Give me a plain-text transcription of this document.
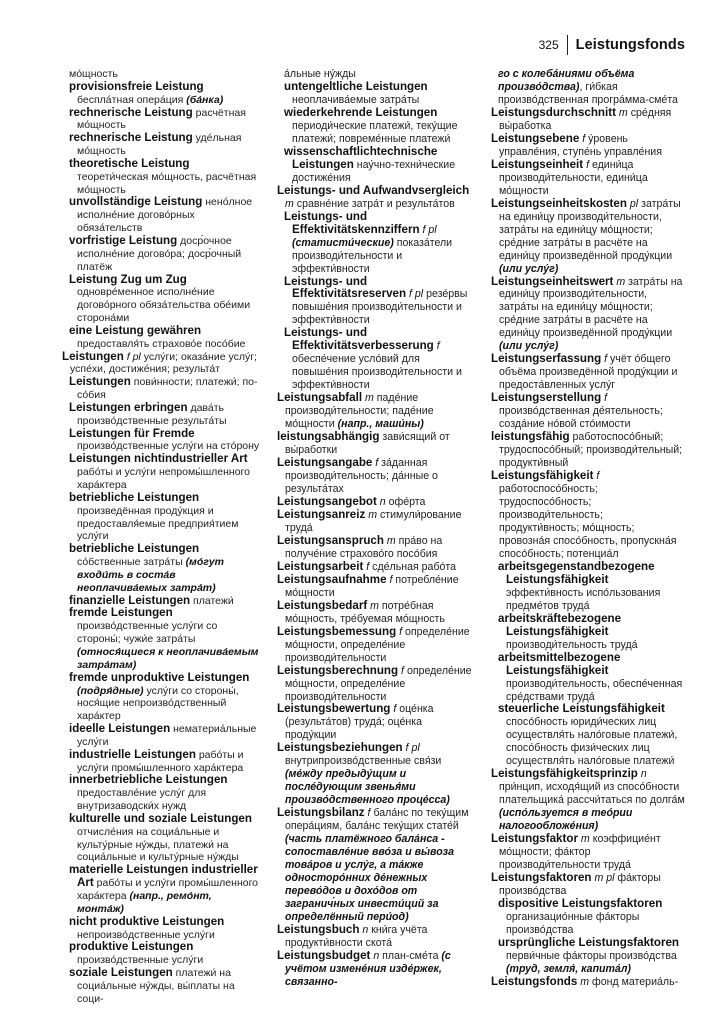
325 Leistungsfonds

мо́щность

provisionsfreie Leistung беспла́тная опера́ция (ба́нка)

rechnerische Leistung расчётная мо́щность

rechnerische Leistung уде́льная мо́щность

theoretische Leistung теорети́ческая мо́щность, расчётная мо́щность

unvollständige Leistung нено́лное исполне́ние догово́рных обяза́тельств

vorfristige Leistung доср́очное исполне́ние догово́ра; доср́очный платёж

Leistung Zug um Zug одновре́менное исполне́ние догово́рного обяза́тельства обе́ими сторона́ми

eine Leistung gewähren предоставля́ть страхово́е посо́бие

Leistungen f pl услу́ги; оказа́ние услу́г; успе́хи, достиже́ния; результа́т

Leistungen пови́нности; платежи́; по-со́бия

Leistungen erbringen дава́ть произво́дственные результа́ты

Leistungen für Fremde произво́дственные услу́ги на сто́рону

Leistungen nichtindustrieller Art рабо́ты и услу́ги непромы́шленного хара́ктера

betriebliche Leistungen произведённая проду́кция и предоставля́емые предприя́тием услу́ги

betriebliche Leistungen со́бственные затра́ты (мо́гут входи́ть в соста́в неоплачива́емых затра́т)

finanzielle Leistungen платежи́

fremde Leistungen произво́дственные услу́ги со стороны́; чужи́е затра́ты (относя́щиеся к неоплачива́емым затра́там)

fremde unproduktive Leistungen (подря́дные) услу́ги со стороны́, нося́щие непроизво́дственный хара́ктер

ideelle Leistungen нематериа́льные услу́ги

industrielle Leistungen рабо́ты и услу́ги промы́шленного хара́ктера

innerbetriebliche Leistungen предоставле́ние услу́г для внутризаводски́х нужд

kulturelle und soziale Leistungen отчисле́ния на социа́льные и культу́рные ну́жды, платежи́ на социа́льные и культу́рные ну́жды

materielle Leistungen industrieller Art рабо́ты и услу́ги промы́шленного хара́ктера (напр., ремо́нт, монта́ж)

nicht produktive Leistungen непроизво́дственные услу́ги

produktive Leistungen произво́дственные услу́ги

soziale Leistungen платежи́ на социа́льные ну́жды, вы́платы на соци-

а́льные ну́жды

untengeltliche Leistungen неоплачива́емые затра́ты

wiederkehrende Leistungen периоди́ческие платежи́, теку́щие платежи́; повреме́нные платежи́

wissenschaftlichtechnische Leistungen нау́чно-техни́ческие достиже́ния

Leistungs- und Aufwandvsergleich m сравне́ние затра́т и результа́тов

Leistungs- und Effektivitätskennziffern f pl (статисти́ческие) показа́тели производи́тельности и эффекти́вности

Leistungs- und Effektivitätsreserven f pl резе́рвы повыше́ния производи́тельности и эффекти́вности

Leistungs- und Effektivitätsverbesserung f обеспе́чение усло́вий для повыше́ния производи́тельности и эффекти́вности

Leistungsabfall m паде́ние производи́тельности; паде́ние мо́щности (напр., маши́ны)

leistungsabhängig зави́сящий от вы́работки

Leistungsangabe f за́данная производи́тельность; да́нные о результа́тах

Leistungsangebot n офе́рта

Leistungsanreiz m стимули́рование труда́

Leistungsanspruch m пра́во на получе́ние страхово́го посо́бия

Leistungsarbeit f сде́льная рабо́та

Leistungsaufnahme f потребле́ние мо́щности

Leistungsbedarf m потре́бная мо́щность, тре́буемая мо́щность

Leistungsbemessung f определе́ние мо́щности, определе́ние производи́тельности

Leistungsberechnung f определе́ние мо́щности, определе́ние производи́тельности

Leistungsbewertung f оце́нка (результа́тов) труда́; оце́нка проду́кции

Leistungsbeziehungen f pl внутрипроизво́дственные свя́зи (ме́жду предыду́щим и после́дующим звенья́ми произво́дственного проце́сса)

Leistungsbilanz f бала́нс по теку́щим опера́циям, бала́нс теку́щих стате́й (часть платёжного бала́нса - сопоставле́ние вво́за и вы́воза това́ров и услу́г, а та́кже односторо́нних де́нежных перево́дов и дохо́дов от загранич́ных инвести́ций за определённый пери́од)

Leistungsbuch n кни́га учёта продукти́вности скота́

Leistungsbudget n план-сме́та (с учётом измене́ния изде́ржек, связанно-

го с колеба́ниями объёма произво́дства), ги́бкая произво́дственная програ́мма-сме́та

Leistungsdurchschnitt m сре́дняя вы́работка

Leistungsebene f у́ровень управле́ния, ступе́нь управле́ния

Leistungseinheit f едини́ца производи́тельности, едини́ца мо́щности

Leistungseinheitskosten pl затра́ты на едини́цу производи́тельности, затра́ты на едини́цу мо́щности; сре́дние затра́ты в расчёте на едини́цу произведённой проду́кции (или услу́г)

Leistungseinheitswert m затра́ты на едини́цу производи́тельности, затра́ты на едини́цу мо́щности; сре́дние затра́ты в расчёте на едини́цу произведённой проду́кции (или услу́г)

Leistungserfassung f учёт о́бщего объёма произведённой проду́кции и предоста́вленных услу́г

Leistungserstellung f произво́дственная де́ятельность; созда́ние но́вой сто́имости

leistungsfähig работоспосо́бный; трудоспосо́бный; производи́тельный; продукти́вный

Leistungsfähigkeit f работоспосо́бность; трудоспосо́бность; производи́тельность; продукти́вность; мо́щность; провозна́я спосо́бность, пропускна́я спосо́бность; потенциа́л

arbeitsgegenstandbezogene Leistungsfähigkeit эффекти́вность испо́льзования предме́тов труда́

arbeitskräftebezogene Leistungsfähigkeit производи́тельность труда́

arbeitsmittelbezogene Leistungsfähigkeit производи́тельность, обеспе́ченная сре́дствами труда́

steuerliche Leistungsfähigkeit спосо́бность юриди́ческих лиц осуществля́ть нало́говые платежи́, спосо́бность физи́ческих лиц осуществля́ть нало́говые платежи́

Leistungsfähigkeitsprinzip n при́нцип, исходя́щий из спосо́бности плательщика́ рассчи́таться по долга́м (испо́льзуется в тео́рии налогообложе́ния)

Leistungsfaktor m коэффицие́нт мо́щности; фа́ктор производи́тельности труда́

Leistungsfaktoren m pl фа́кторы произво́дства

dispositive Leistungsfaktoren организацио́нные фа́кторы произво́дства

ursprüngliche Leistungsfaktoren перви́чные фа́кторы произво́дства (труд, земля́, капита́л)

Leistungsfonds m фонд материа́ль-
